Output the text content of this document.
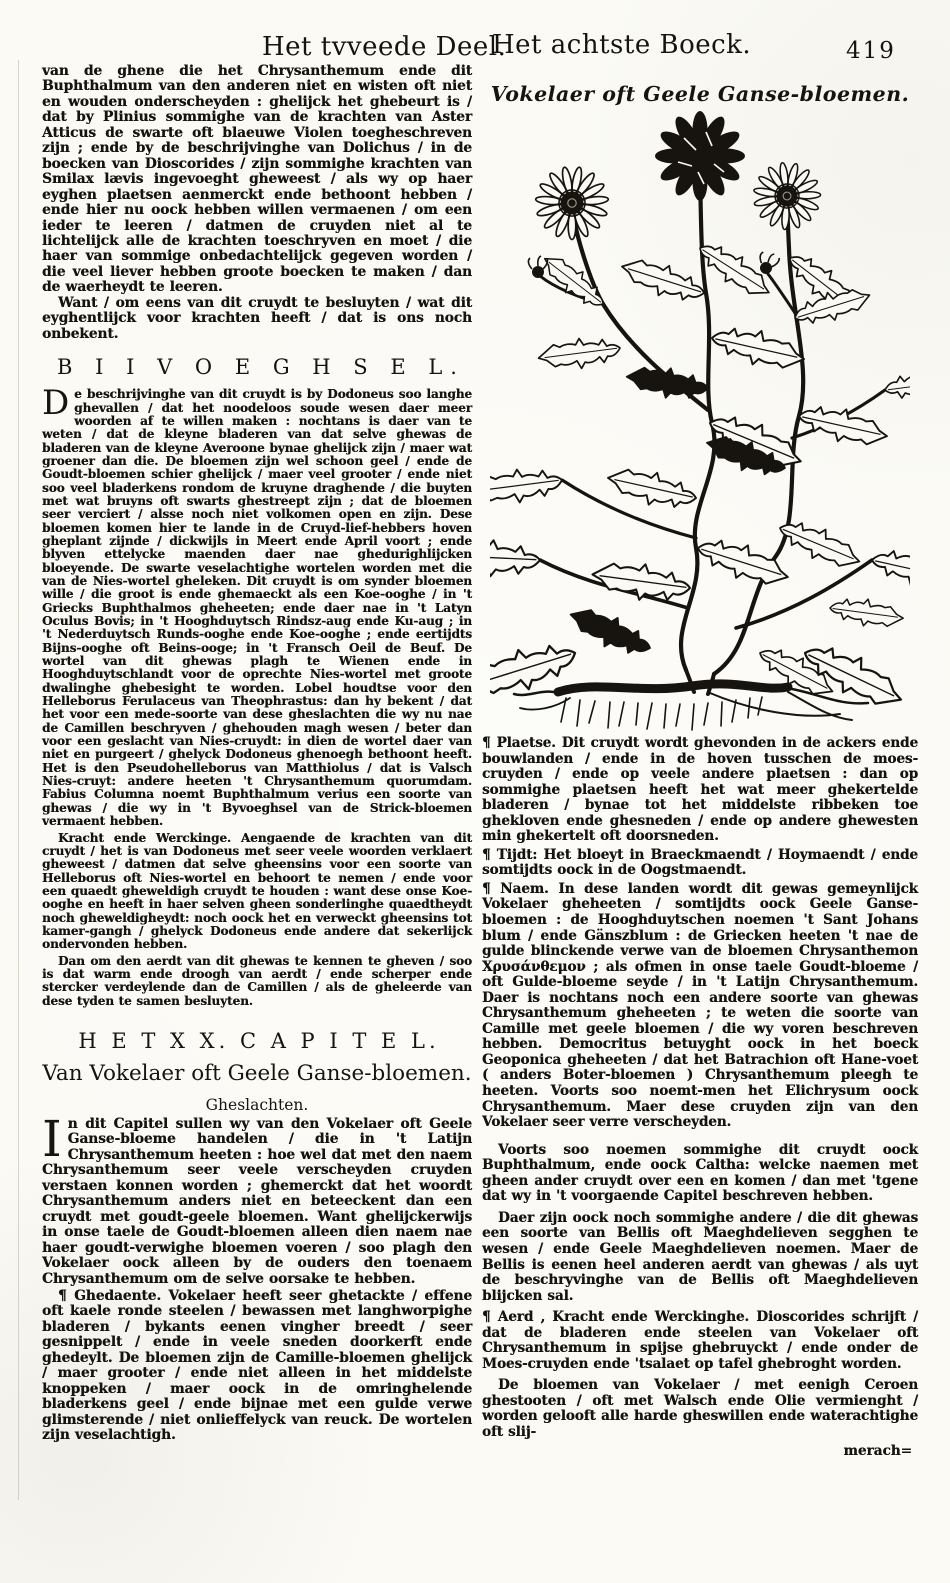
Het tvveede Deel.
Het achtste Boeck.	419

van de ghene die het Chrysanthemum ende dit Buphthalmum van den anderen niet en wisten oft niet en wouden onderscheyden : ghelijck het ghebeurt is / dat by Plinius sommighe van de krachten van Aster Atticus de swarte oft blaeuwe Violen toegheschreven zijn ; ende by de beschrijvinghe van Dolichus / in de boecken van Dioscorides / zijn sommighe krachten van Smilax lævis ingevoeght gheweest / als wy op haer eyghen plaetsen aenmerckt ende bethoont hebben / ende hier nu oock hebben willen vermaenen / om een ieder te leeren / datmen de cruyden niet al te lichtelijck alle de krachten toeschryven en moet / die haer van sommige onbedachtelijck gegeven worden / die veel liever hebben groote boecken te maken / dan de waerheydt te leeren.

Want / om eens van dit cruydt te besluyten / wat dit eyghentlijck voor krachten heeft / dat is ons noch onbekent.

B I I V O E G H S E L.

De beschrijvinghe van dit cruydt is by Dodoneus soo langhe ghevallen / dat het noodeloos soude wesen daer meer woorden af te willen maken : nochtans is daer van te weten / dat de kleyne bladeren van dat selve ghewas de bladeren van de kleyne Averoone bynae ghelijck zijn / maer wat groener dan die. De bloemen zijn wel schoon geel / ende de Goudt-bloemen schier ghelijck / maer veel grooter / ende niet soo veel bladerkens rondom de kruyne draghende / die buyten met wat bruyns oft swarts ghestreept zijn ; dat de bloemen seer verciert / alsse noch niet volkomen open en zijn. Dese bloemen komen hier te lande in de Cruyd-lief-hebbers hoven gheplant zijnde / dickwijls in Meert ende April voort ; ende blyven ettelycke maenden daer nae ghedurighlijcken bloeyende. De swarte veselachtighe wortelen worden met die van de Nies-wortel gheleken. Dit cruydt is om synder bloemen wille / die groot is ende ghemaeckt als een Koe-ooghe / in 't Griecks Buphthalmos gheheeten; ende daer nae in 't Latyn Oculus Bovis; in 't Hooghduytsch Rindsz-aug ende Ku-aug ; in 't Nederduytsch Runds-ooghe ende Koe-ooghe ; ende eertijdts Bijns-ooghe oft Beins-ooge; in 't Fransch Oeil de Beuf. De wortel van dit ghewas plagh te Wienen ende in Hooghduytschlandt voor de oprechte Nies-wortel met groote dwalinghe ghebesight te worden. Lobel houdtse voor den Helleborus Ferulaceus van Theophrastus: dan hy bekent / dat het voor een mede-soorte van dese gheslachten die wy nu nae de Camillen beschryven / ghehouden magh wesen / beter dan voor een geslacht van Nies-cruydt: in dien de wortel daer van niet en purgeert / ghelyck Dodoneus ghenoegh bethoont heeft. Het is den Pseudohelleborus van Matthiolus / dat is Valsch Nies-cruyt: andere heeten 't Chrysanthemum quorumdam. Fabius Columna noemt Buphthalmum verius een soorte van ghewas / die wy in 't Byvoeghsel van de Strick-bloemen vermaent hebben.

Kracht ende Werckinge. Aengaende de krachten van dit cruydt / het is van Dodoneus met seer veele woorden verklaert gheweest / datmen dat selve gheensins voor een soorte van Helleborus oft Nies-wortel en behoort te nemen / ende voor een quaedt gheweldigh cruydt te houden : want dese onse Koe-ooghe en heeft in haer selven gheen sonderlinghe quaedtheydt noch gheweldigheydt: noch oock het en verweckt gheensins tot kamer-gangh / ghelyck Dodoneus ende andere dat sekerlijck ondervonden hebben.

Dan om den aerdt van dit ghewas te kennen te gheven / soo is dat warm ende droogh van aerdt / ende scherper ende stercker verdeylende dan de Camillen / als de gheleerde van dese tyden te samen besluyten.

H E T X X. C A P I T E L.

Van Vokelaer oft Geele Ganse-bloemen.

Gheslachten.

In dit Capitel sullen wy van den Vokelaer oft Geele Ganse-bloeme handelen / die in 't Latijn Chrysanthemum heeten : hoe wel dat met den naem Chrysanthemum seer veele verscheyden cruyden verstaen konnen worden ; ghemerckt dat het woordt Chrysanthemum anders niet en beteeckent dan een cruydt met goudt-geele bloemen. Want ghelijckerwijs in onse taele de Goudt-bloemen alleen dien naem nae haer goudt-verwighe bloemen voeren / soo plagh den Vokelaer oock alleen by de ouders den toenaem Chrysanthemum om de selve oorsake te hebben.

¶ Ghedaente. Vokelaer heeft seer ghetackte / effene oft kaele ronde steelen / bewassen met langhworpighe bladeren / bykants eenen vingher breedt / seer gesnippelt / ende in veele sneden doorkerft ende ghedeylt. De bloemen zijn de Camille-bloemen ghelijck / maer grooter / ende niet alleen in het middelste knoppeken / maer oock in de omringhelende bladerkens geel / ende bijnae met een gulde verwe glimsterende / niet onlieffelyck van reuck. De wortelen zijn veselachtigh.

Vokelaer oft Geele Ganse-bloemen.

¶ Plaetse. Dit cruydt wordt ghevonden in de ackers ende bouwlanden / ende in de hoven tusschen de moes-cruyden / ende op veele andere plaetsen : dan op sommighe plaetsen heeft het wat meer ghekertelde bladeren / bynae tot het middelste ribbeken toe ghekloven ende ghesneden / ende op andere ghewesten min ghekertelt oft doorsneden.

¶ Tijdt: Het bloeyt in Braeckmaendt / Hoymaendt / ende somtijdts oock in de Oogstmaendt.

¶ Naem. In dese landen wordt dit gewas gemeynlijck Vokelaer gheheeten / somtijdts oock Geele Ganse-bloemen : de Hooghduytschen noemen 't Sant Johans blum / ende Gänszblum : de Griecken heeten 't nae de gulde blinckende verwe van de bloemen Chrysanthemon Χρυσάνθεμον ; als ofmen in onse taele Goudt-bloeme / oft Gulde-bloeme seyde / in 't Latijn Chrysanthemum. Daer is nochtans noch een andere soorte van ghewas Chrysanthemum gheheeten ; te weten die soorte van Camille met geele bloemen / die wy voren beschreven hebben. Democritus betuyght oock in het boeck Geoponica gheheeten / dat het Batrachion oft Hane-voet ( anders Boter-bloemen ) Chrysanthemum pleegh te heeten. Voorts soo noemt-men het Elichrysum oock Chrysanthemum. Maer dese cruyden zijn van den Vokelaer seer verre verscheyden.

Voorts soo noemen sommighe dit cruydt oock Buphthalmum, ende oock Caltha: welcke naemen met gheen ander cruydt over een en komen / dan met 'tgene dat wy in 't voorgaende Capitel beschreven hebben.

Daer zijn oock noch sommighe andere / die dit ghewas een soorte van Bellis oft Maeghdelieven segghen te wesen / ende Geele Maeghdelieven noemen. Maer de Bellis is eenen heel anderen aerdt van ghewas / als uyt de beschryvinghe van de Bellis oft Maeghdelieven blijcken sal.

¶ Aerd , Kracht ende Werckinghe. Dioscorides schrijft / dat de bladeren ende steelen van Vokelaer oft Chrysanthemum in spijse ghebruyckt / ende onder de Moes-cruyden ende 'tsalaet op tafel ghebroght worden.

De bloemen van Vokelaer / met eenigh Ceroen ghestooten / oft met Walsch ende Olie vermienght / worden gelooft alle harde gheswillen ende waterachtighe oft slij-

merach=
